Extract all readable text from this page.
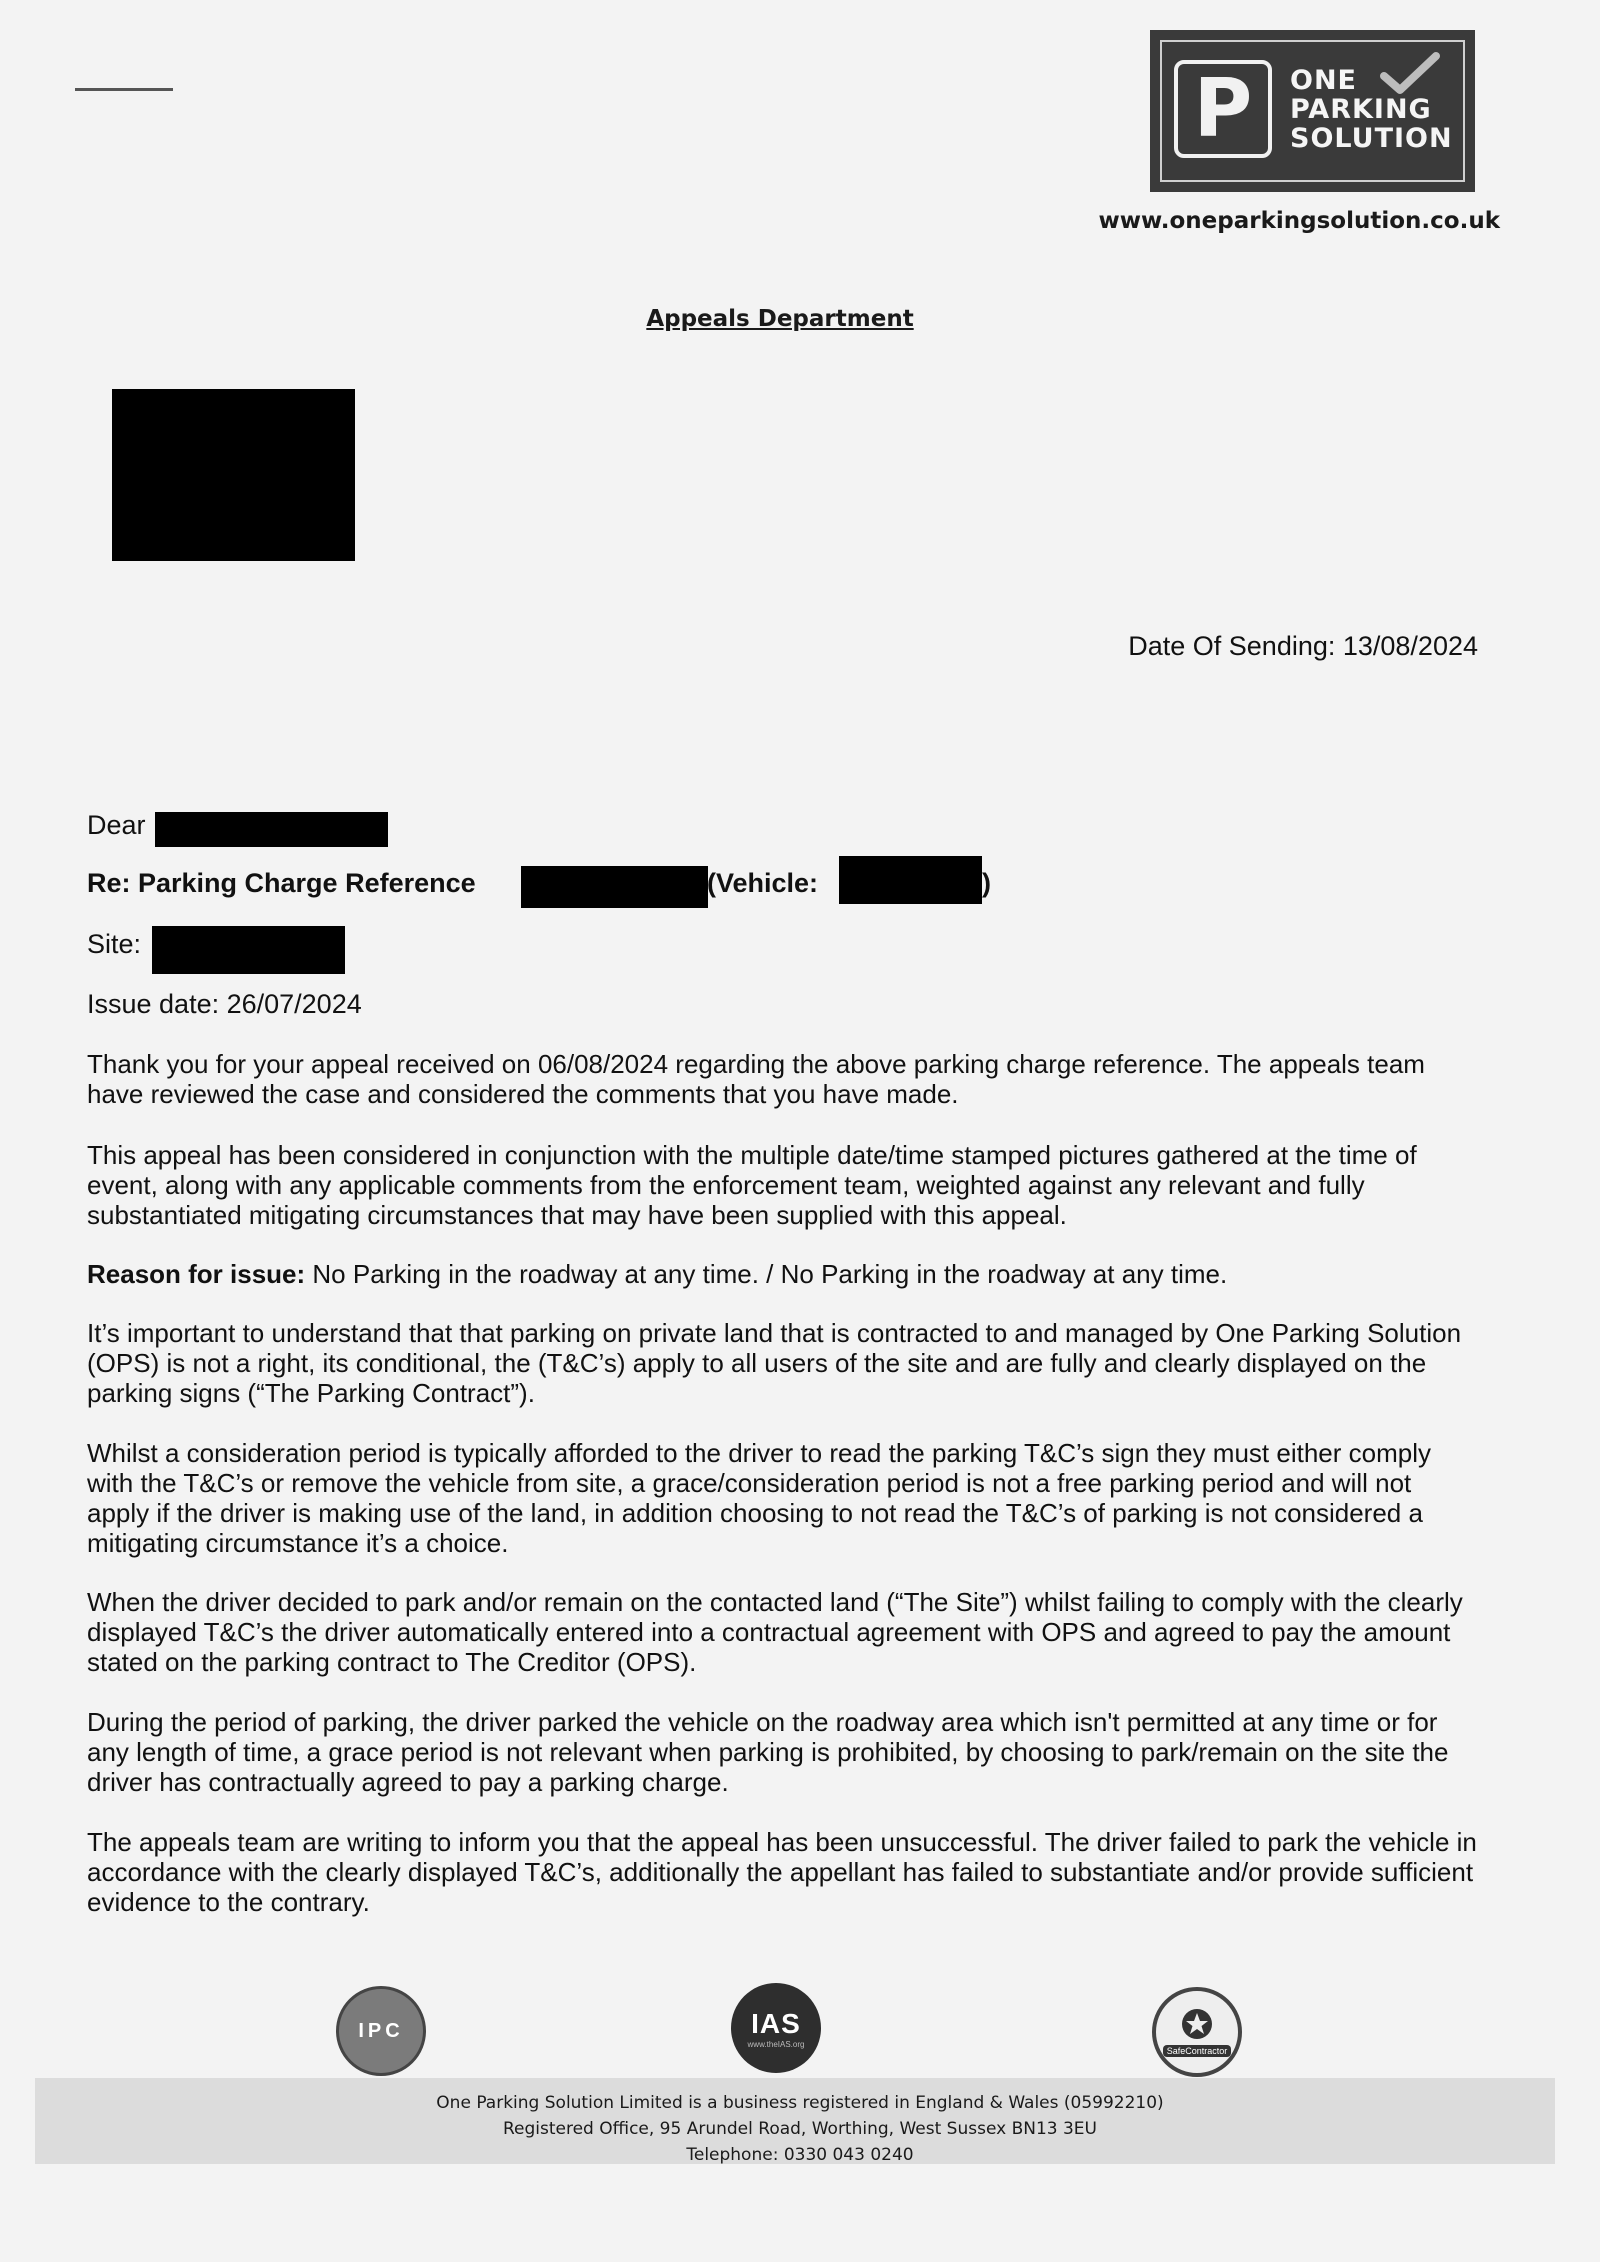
P ONE
PARKING
SOLUTION
www.oneparkingsolution.co.uk
Appeals Department
Date Of Sending: 13/08/2024
Dear
Re: Parking Charge Reference	(Vehicle:	)
Site:
Issue date: 26/07/2024
Thank you for your appeal received on 06/08/2024 regarding the above parking charge reference. The appeals team have reviewed the case and considered the comments that you have made.
This appeal has been considered in conjunction with the multiple date/time stamped pictures gathered at the time of event, along with any applicable comments from the enforcement team, weighted against any relevant and fully substantiated mitigating circumstances that may have been supplied with this appeal.
Reason for issue: No Parking in the roadway at any time. / No Parking in the roadway at any time.
It’s important to understand that that parking on private land that is contracted to and managed by One Parking Solution (OPS) is not a right, its conditional, the (T&C’s) apply to all users of the site and are fully and clearly displayed on the parking signs (“The Parking Contract”).
Whilst a consideration period is typically afforded to the driver to read the parking T&C’s sign they must either comply with the T&C’s or remove the vehicle from site, a grace/consideration period is not a free parking period and will not apply if the driver is making use of the land, in addition choosing to not read the T&C’s of parking is not considered a mitigating circumstance it’s a choice.
When the driver decided to park and/or remain on the contacted land (“The Site”) whilst failing to comply with the clearly displayed T&C’s the driver automatically entered into a contractual agreement with OPS and agreed to pay the amount stated on the parking contract to The Creditor (OPS).
During the period of parking, the driver parked the vehicle on the roadway area which isn't permitted at any time or for any length of time, a grace period is not relevant when parking is prohibited, by choosing to park/remain on the site the driver has contractually agreed to pay a parking charge.
The appeals team are writing to inform you that the appeal has been unsuccessful. The driver failed to park the vehicle in accordance with the clearly displayed T&C’s, additionally the appellant has failed to substantiate and/or provide sufficient evidence to the contrary.
IPC	IAS
www.theIAS.org
SafeContractor
One Parking Solution Limited is a business registered in England & Wales (05992210)
Registered Office, 95 Arundel Road, Worthing, West Sussex BN13 3EU
Telephone: 0330 043 0240
